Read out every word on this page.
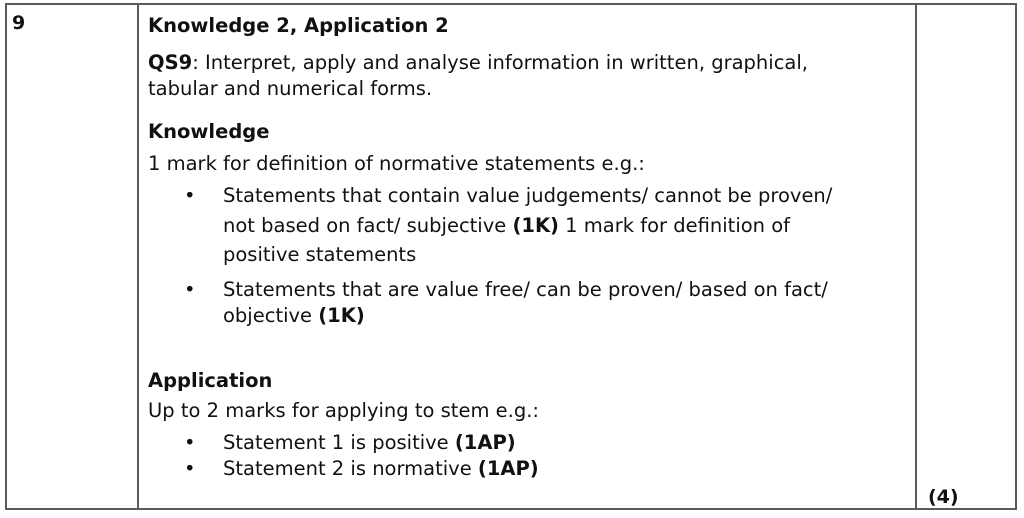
9	Knowledge 2, Application 2
QS9: Interpret, apply and analyse information in written, graphical,
tabular and numerical forms.
Knowledge
1 mark for definition of normative statements e.g.:
• Statements that contain value judgements/ cannot be proven/
not based on fact/ subjective (1K) 1 mark for definition of
positive statements
• Statements that are value free/ can be proven/ based on fact/
objective (1K)
Application
Up to 2 marks for applying to stem e.g.:
• Statement 1 is positive (1AP)
• Statement 2 is normative (1AP)
(4)
